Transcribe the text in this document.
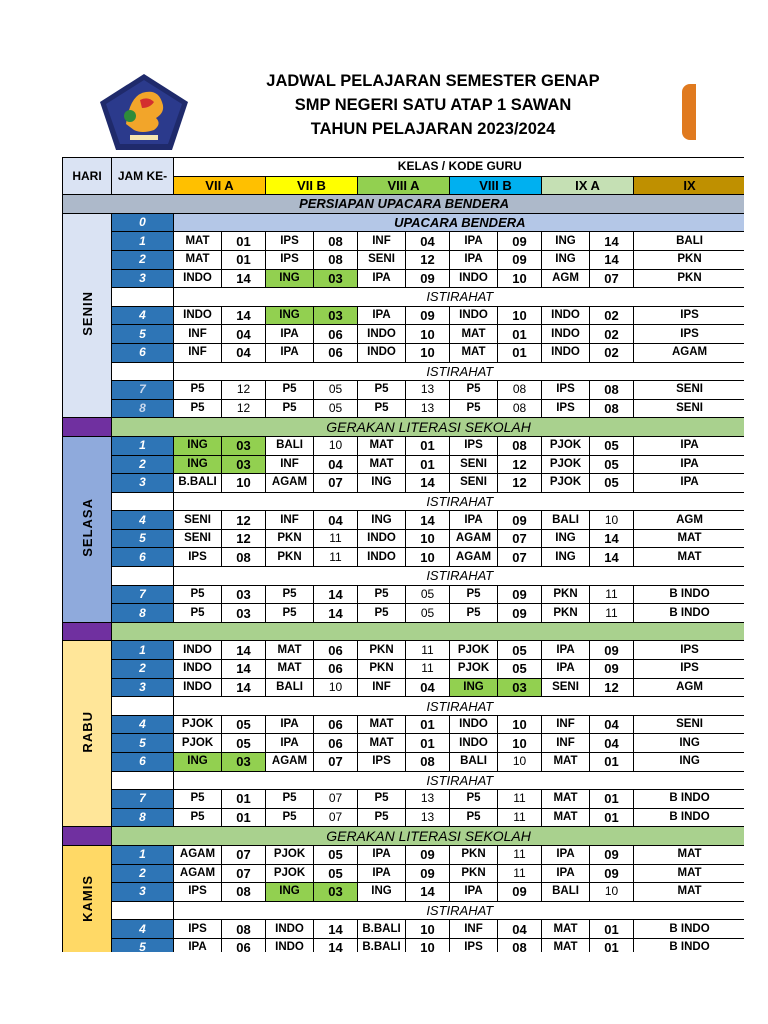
JADWAL PELAJARAN SEMESTER GENAP
SMP NEGERI SATU ATAP 1 SAWAN
TAHUN PELAJARAN 2023/2024
HARI	JAM KE-	KELAS / KODE GURU										
		VII A		VII B		VIII A		VIII B		IX A		IX
PERSIAPAN UPACARA BENDERA												
SENIN	0	UPACARA BENDERA										
	1	MAT	01	IPS	08	INF	04	IPA	09	ING	14	BALI
	2	MAT	01	IPS	08	SENI	12	IPA	09	ING	14	PKN
	3	INDO	14	ING	03	IPA	09	INDO	10	AGM	07	PKN
		ISTIRAHAT										
	4	INDO	14	ING	03	IPA	09	INDO	10	INDO	02	IPS
	5	INF	04	IPA	06	INDO	10	MAT	01	INDO	02	IPS
	6	INF	04	IPA	06	INDO	10	MAT	01	INDO	02	AGAM
		ISTIRAHAT										
	7	P5	12	P5	05	P5	13	P5	08	IPS	08	SENI
	8	P5	12	P5	05	P5	13	P5	08	IPS	08	SENI
	GERAKAN LITERASI SEKOLAH											
SELASA	1	ING	03	BALI	10	MAT	01	IPS	08	PJOK	05	IPA
	2	ING	03	INF	04	MAT	01	SENI	12	PJOK	05	IPA
	3	B.BALI	10	AGAM	07	ING	14	SENI	12	PJOK	05	IPA
		ISTIRAHAT										
	4	SENI	12	INF	04	ING	14	IPA	09	BALI	10	AGM
	5	SENI	12	PKN	11	INDO	10	AGAM	07	ING	14	MAT
	6	IPS	08	PKN	11	INDO	10	AGAM	07	ING	14	MAT
		ISTIRAHAT										
	7	P5	03	P5	14	P5	05	P5	09	PKN	11	B INDO
	8	P5	03	P5	14	P5	05	P5	09	PKN	11	B INDO

RABU	1	INDO	14	MAT	06	PKN	11	PJOK	05	IPA	09	IPS
	2	INDO	14	MAT	06	PKN	11	PJOK	05	IPA	09	IPS
	3	INDO	14	BALI	10	INF	04	ING	03	SENI	12	AGM
		ISTIRAHAT										
	4	PJOK	05	IPA	06	MAT	01	INDO	10	INF	04	SENI
	5	PJOK	05	IPA	06	MAT	01	INDO	10	INF	04	ING
	6	ING	03	AGAM	07	IPS	08	BALI	10	MAT	01	ING
		ISTIRAHAT										
	7	P5	01	P5	07	P5	13	P5	11	MAT	01	B INDO
	8	P5	01	P5	07	P5	13	P5	11	MAT	01	B INDO
	GERAKAN LITERASI SEKOLAH											
KAMIS	1	AGAM	07	PJOK	05	IPA	09	PKN	11	IPA	09	MAT
	2	AGAM	07	PJOK	05	IPA	09	PKN	11	IPA	09	MAT
	3	IPS	08	ING	03	ING	14	IPA	09	BALI	10	MAT
		ISTIRAHAT										
	4	IPS	08	INDO	14	B.BALI	10	INF	04	MAT	01	B INDO
	5	IPA	06	INDO	14	B.BALI	10	IPS	08	MAT	01	B INDO
